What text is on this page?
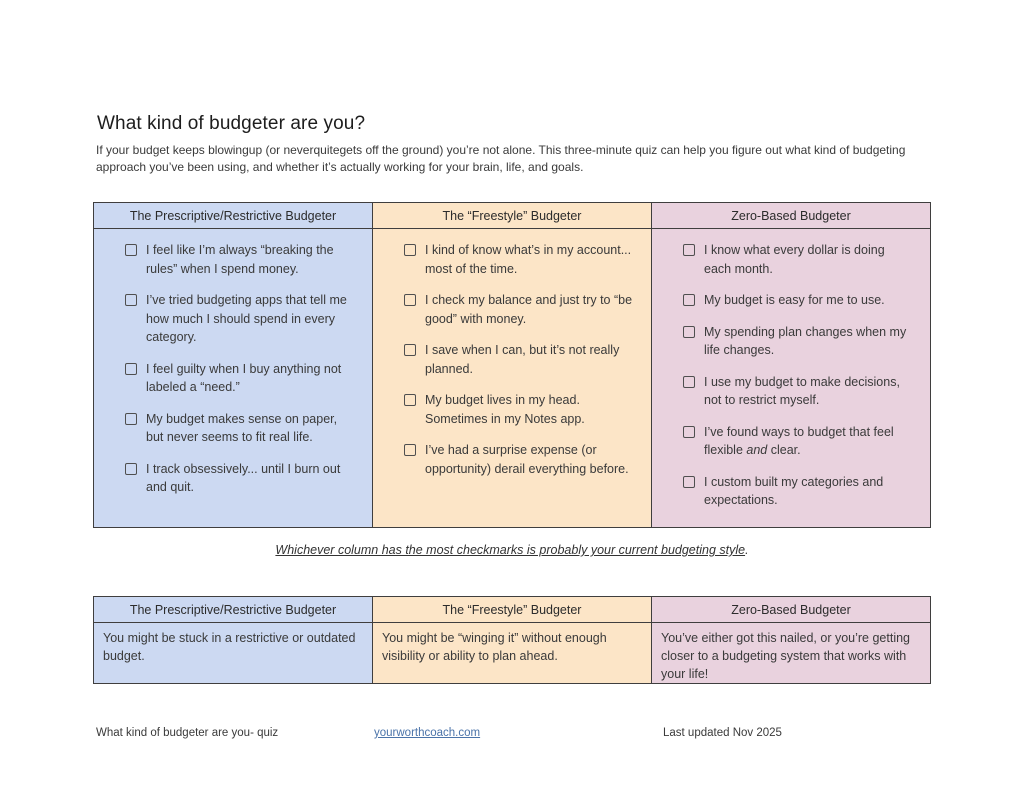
What kind of budgeter are you?

If your budget keeps blowingup (or neverquitegets off the ground) you’re not alone. This three-minute quiz can help you figure out what kind of budgeting approach you’ve been using, and whether it’s actually working for your brain, life, and goals.

The Prescriptive/Restrictive Budgeter
I feel like I’m always “breaking the rules” when I spend money.
I’ve tried budgeting apps that tell me how much I should spend in every category.
I feel guilty when I buy anything not labeled a “need.”
My budget makes sense on paper, but never seems to fit real life.
I track obsessively... until I burn out and quit.
The “Freestyle” Budgeter
I kind of know what’s in my account... most of the time.
I check my balance and just try to “be good” with money.
I save when I can, but it’s not really planned.
My budget lives in my head. Sometimes in my Notes app.
I’ve had a surprise expense (or opportunity) derail everything before.
Zero-Based Budgeter
I know what every dollar is doing each month.
My budget is easy for me to use.
My spending plan changes when my life changes.
I use my budget to make decisions, not to restrict myself.
I’ve found ways to budget that feel flexible and clear.
I custom built my categories and expectations.

Whichever column has the most checkmarks is probably your current budgeting style.

The Prescriptive/Restrictive Budgeter
You might be stuck in a restrictive or outdated budget.
The “Freestyle” Budgeter
You might be “winging it” without enough visibility or ability to plan ahead.
Zero-Based Budgeter
You’ve either got this nailed, or you’re getting closer to a budgeting system that works with your life!
What kind of budgeter are you- quiz	yourworthcoach.com	Last updated Nov 2025
